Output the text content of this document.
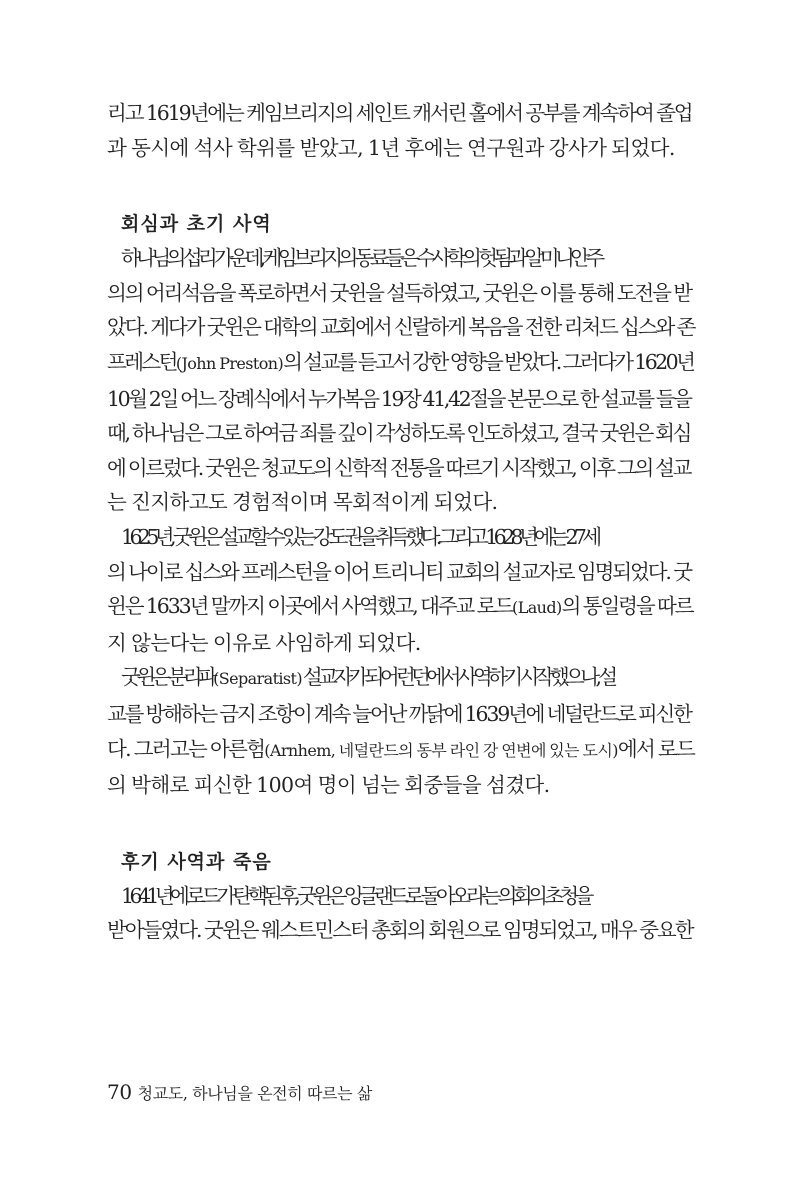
리고 1619년에는 케임브리지의 세인트 캐서린 홀에서 공부를 계속하여 졸업
과 동시에 석사 학위를 받았고, 1년 후에는 연구원과 강사가 되었다.

회심과 초기 사역

하나님의 섭리 가운데, 케임브리지의 동료들은 수사학의 헛됨과 알미니안주
의의 어리석음을 폭로하면서 굿윈을 설득하였고, 굿윈은 이를 통해 도전을 받
았다. 게다가 굿윈은 대학의 교회에서 신랄하게 복음을 전한 리처드 십스와 존
프레스턴(John Preston)의 설교를 듣고서 강한 영향을 받았다. 그러다가 1620년
10월 2일 어느 장례식에서 누가복음 19장 41,42절을 본문으로 한 설교를 들을
때, 하나님은 그로 하여금 죄를 깊이 각성하도록 인도하셨고, 결국 굿윈은 회심
에 이르렀다. 굿윈은 청교도의 신학적 전통을 따르기 시작했고, 이후 그의 설교
는 진지하고도 경험적이며 목회적이게 되었다.

1625년, 굿윈은 설교할 수 있는 강도권을 취득했다. 그리고 1628년에는 27세
의 나이로 십스와 프레스턴을 이어 트리니티 교회의 설교자로 임명되었다. 굿
윈은 1633년 말까지 이곳에서 사역했고, 대주교 로드(Laud)의 통일령을 따르
지 않는다는 이유로 사임하게 되었다.

굿윈은 분리파(Separatist) 설교자가 되어 런던에서 사역하기 시작했으나, 설
교를 방해하는 금지 조항이 계속 늘어난 까닭에 1639년에 네덜란드로 피신한
다. 그러고는 아른험(Arnhem, 네덜란드의 동부 라인 강 연변에 있는 도시)에서 로드
의 박해로 피신한 100여 명이 넘는 회중들을 섬겼다.

후기 사역과 죽음

1641년에 로드가 탄핵된 후, 굿윈은 잉글랜드로 돌아오라는 의회의 초청을
받아들였다. 굿윈은 웨스트민스터 총회의 회원으로 임명되었고, 매우 중요한

70 청교도, 하나님을 온전히 따르는 삶
